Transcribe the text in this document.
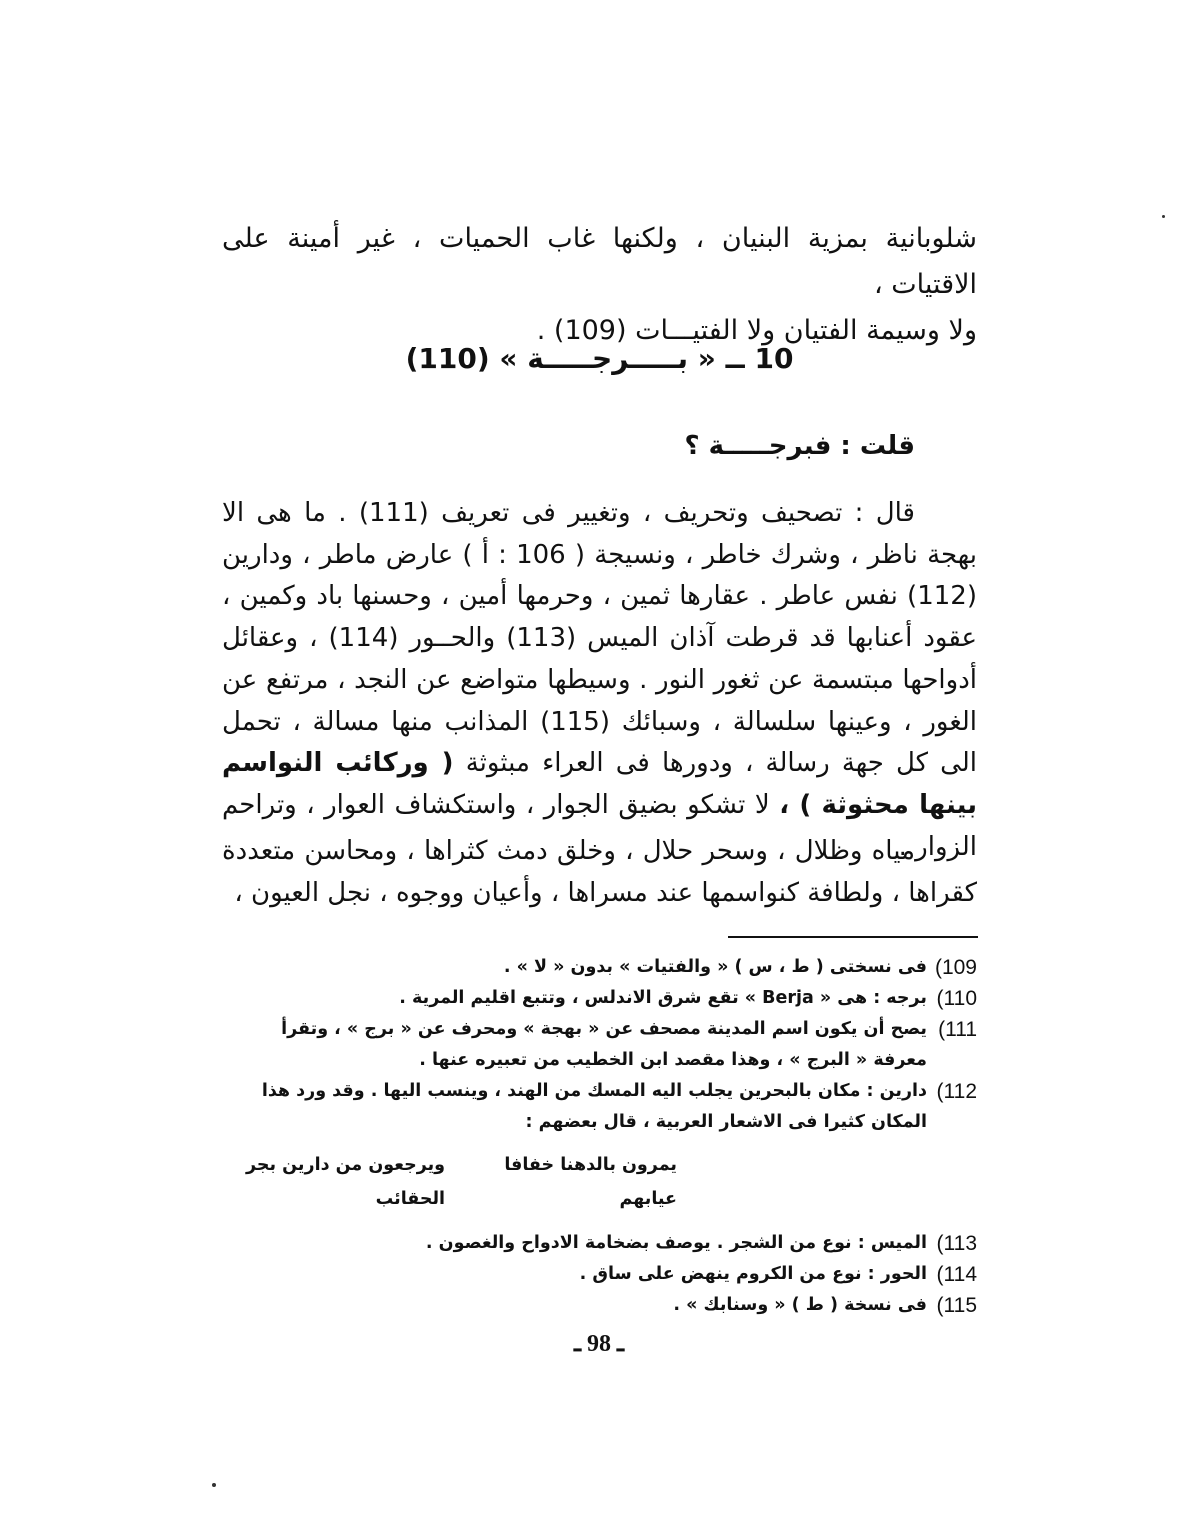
شلوبانية بمزية البنيان ، ولكنها غاب الحميات ، غير أمينة على الاقتيات ،

ولا وسيمة الفتيان ولا الفتيـــات (109) .

10 ــ « بـــــرجـــــة » (110)
قلت : فبرجـــــة ؟

قال : تصحيف وتحريف ، وتغيير فى تعريف (111) . ما هى الا بهجة ناظر ، وشرك خاطر ، ونسيجة ( 106 : أ ) عارض ماطر ، ودارين (112) نفس عاطر . عقارها ثمين ، وحرمها أمين ، وحسنها باد وكمين ، عقود أعنابها قد قرطت آذان الميس (113) والحــور (114) ، وعقائل أدواحها مبتسمة عن ثغور النور . وسيطها متواضع عن النجد ، مرتفع عن الغور ، وعينها سلسالة ، وسبائك (115) المذانب منها مسالة ، تحمل الى كل جهة رسالة ، ودورها فى العراء مبثوثة ( وركائب النواسم بينها محثوثة ) ، لا تشكو بضيق الجوار ، واستكشاف العوار ، وتراحم الزوار .

مياه وظلال ، وسحر حلال ، وخلق دمث كثراها ، ومحاسن متعددة كقراها ، ولطافة كنواسمها عند مسراها ، وأعيان ووجوه ، نجل العيون ،

109)
فى نسختى ( ط ، س ) « والفتيات » بدون « لا » .
110)
برجه : هى « Berja » تقع شرق الاندلس ، وتتبع اقليم المرية .
111)
يصح أن يكون اسم المدينة مصحف عن « بهجة » ومحرف عن « برج » ، وتقرأ معرفة « البرج » ، وهذا مقصد ابن الخطيب من تعبيره عنها .
112)
دارين : مكان بالبحرين يجلب اليه المسك من الهند ، وينسب اليها . وقد ورد هذا المكان كثيرا فى الاشعار العربية ، قال بعضهم :
يمرون بالدهنا خفافا عيابهم
ويرجعون من دارين بجر الحقائب
113)
الميس : نوع من الشجر . يوصف بضخامة الادواح والغصون .
114)
الحور : نوع من الكروم ينهض على ساق .
115)
فى نسخة ( ط ) « وسنابك » .
ـ 98 ـ
